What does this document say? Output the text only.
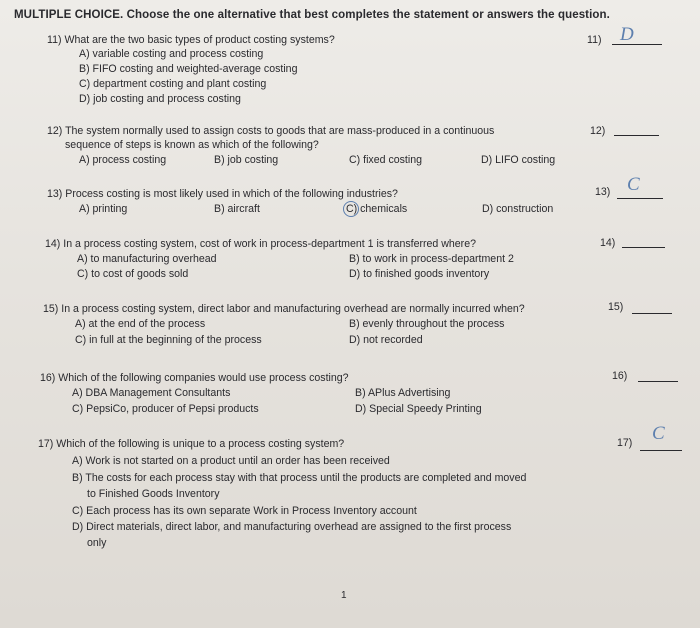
MULTIPLE CHOICE. Choose the one alternative that best completes the statement or answers the question.
11) What are the two basic types of product costing systems?
A) variable costing and process costing
B) FIFO costing and weighted-average costing
C) department costing and plant costing
D) job costing and process costing
11) D
12) The system normally used to assign costs to goods that are mass-produced in a continuous
sequence of steps is known as which of the following?
A) process costing	B) job costing	C) fixed costing	D) LIFO costing
12)
13) Process costing is most likely used in which of the following industries?
A) printing	B) aircraft	C) chemicals	D) construction
13) C
14) In a process costing system, cost of work in process-department 1 is transferred where?
A) to manufacturing overhead	B) to work in process-department 2
C) to cost of goods sold	D) to finished goods inventory
14)
15) In a process costing system, direct labor and manufacturing overhead are normally incurred when?
A) at the end of the process	B) evenly throughout the process
C) in full at the beginning of the process	D) not recorded
15)
16) Which of the following companies would use process costing?
A) DBA Management Consultants	B) APlus Advertising
C) PepsiCo, producer of Pepsi products	D) Special Speedy Printing
16)
17) Which of the following is unique to a process costing system?
A) Work is not started on a product until an order has been received
B) The costs for each process stay with that process until the products are completed and moved
to Finished Goods Inventory
C) Each process has its own separate Work in Process Inventory account
D) Direct materials, direct labor, and manufacturing overhead are assigned to the first process
only
17) C
1
